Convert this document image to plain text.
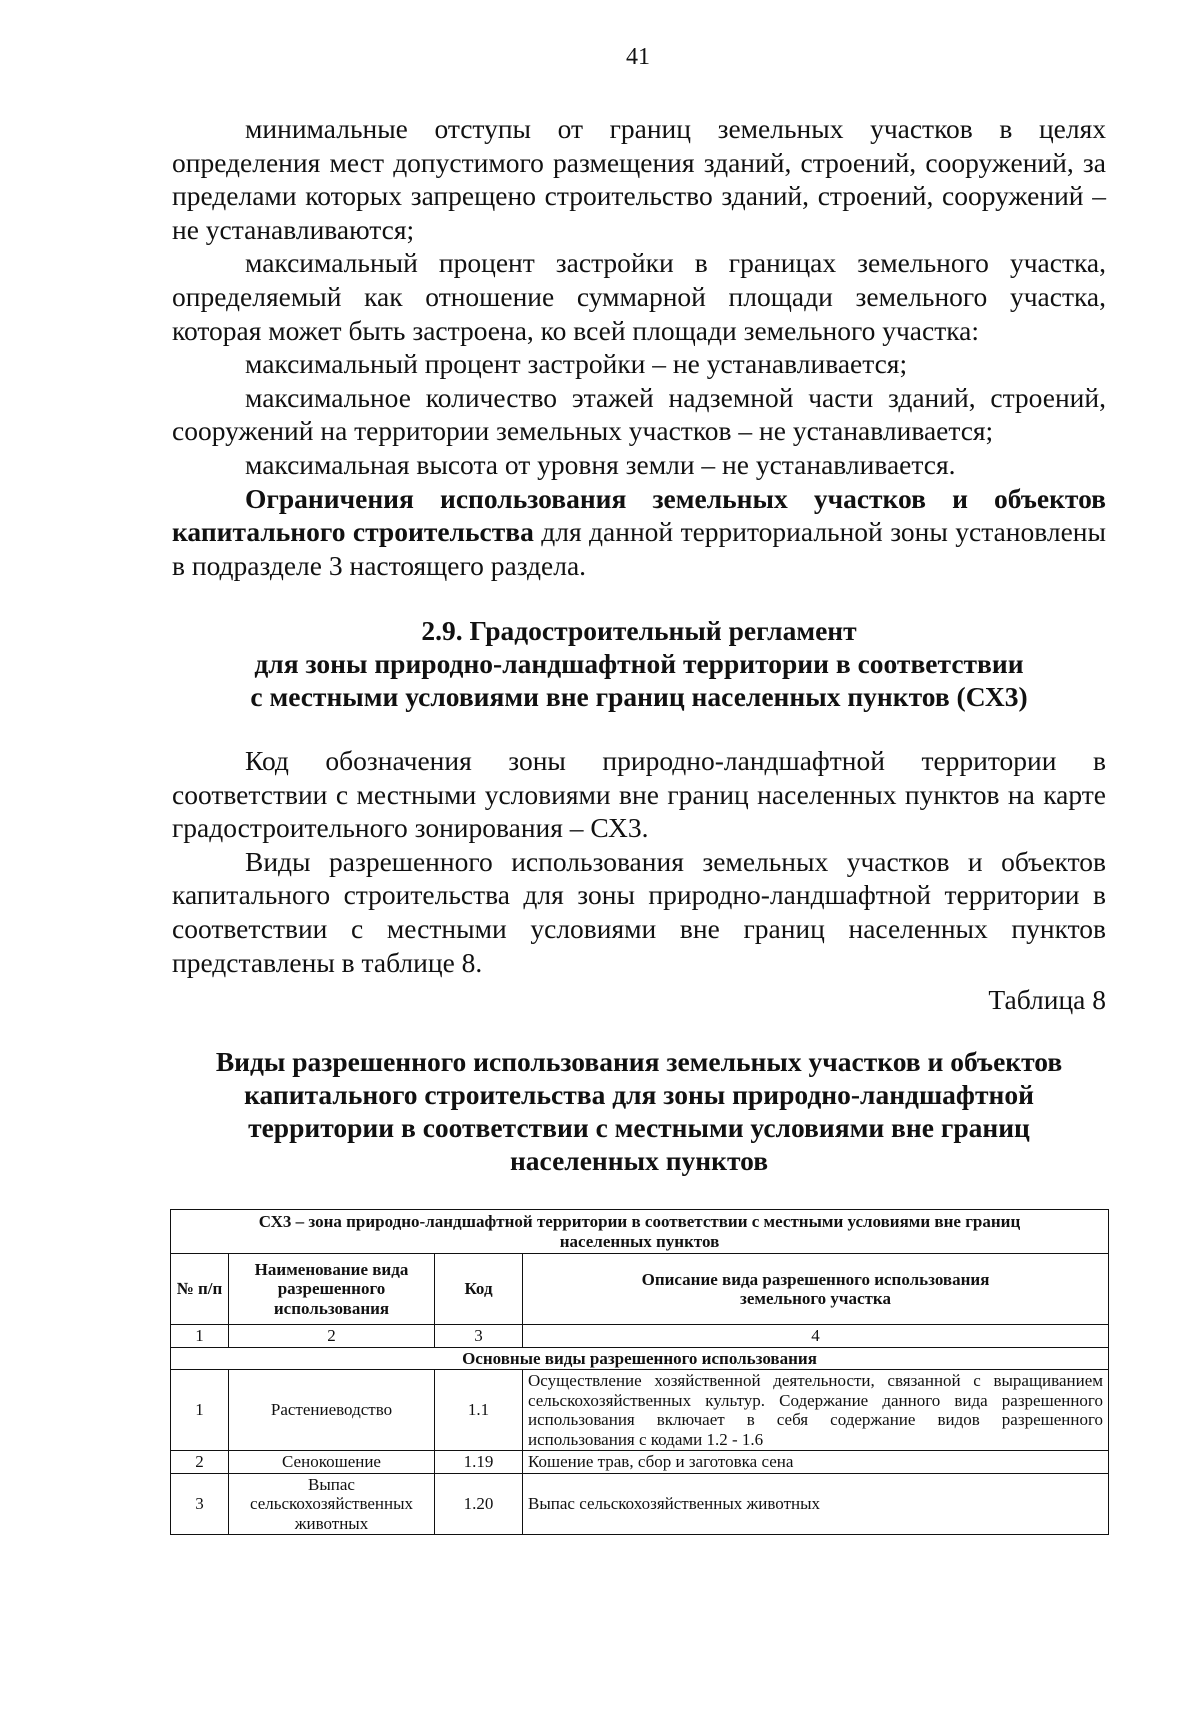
41

минимальные отступы от границ земельных участков в целях определения мест допустимого размещения зданий, строений, сооружений, за пределами которых запрещено строительство зданий, строений, сооружений – не устанавливаются;

максимальный процент застройки в границах земельного участка, определяемый как отношение суммарной площади земельного участка, которая может быть застроена, ко всей площади земельного участка:

максимальный процент застройки – не устанавливается;

максимальное количество этажей надземной части зданий, строений, сооружений на территории земельных участков – не устанавливается;

максимальная высота от уровня земли – не устанавливается.

Ограничения использования земельных участков и объектов капитального строительства для данной территориальной зоны установлены в подразделе 3 настоящего раздела.

2.9. Градостроительный регламент
для зоны природно-ландшафтной территории в соответствии
с местными условиями вне границ населенных пунктов (СХ3)

Код обозначения зоны природно-ландшафтной территории в соответствии с местными условиями вне границ населенных пунктов на карте градостроительного зонирования – СХ3.

Виды разрешенного использования земельных участков и объектов капитального строительства для зоны природно-ландшафтной территории в соответствии с местными условиями вне границ населенных пунктов представлены в таблице 8.

Таблица 8

Виды разрешенного использования земельных участков и объектов
капитального строительства для зоны природно-ландшафтной
территории в соответствии с местными условиями вне границ
населенных пунктов
СХ3 – зона природно-ландшафтной территории в соответствии с местными условиями вне границ населенных пунктов			
№ п/п	Наименование вида разрешенного использования	Код	Описание вида разрешенного использования земельного участка
1	2	3	4
Основные виды разрешенного использования			
1	Растениеводство	1.1	Осуществление хозяйственной деятельности, связанной с выращиванием сельскохозяйственных культур. Содержание данного вида разрешенного использования включает в себя содержание видов разрешенного использования с кодами 1.2 - 1.6
2	Сенокошение	1.19	Кошение трав, сбор и заготовка сена
3	Выпас сельскохозяйственных животных	1.20	Выпас сельскохозяйственных животных
